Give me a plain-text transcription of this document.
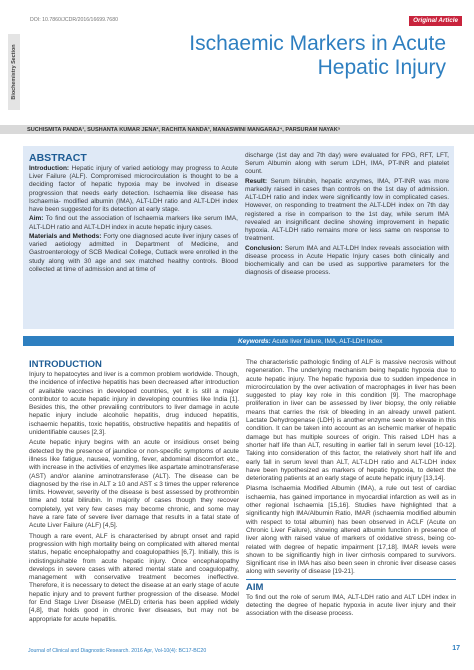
DOI: 10.7860/JCDR/2016/16699.7680	Original Article
Biochemistry Section
Ischaemic Markers in Acute Hepatic Injury
SUCHISMITA PANDA¹, SUSHANTA KUMAR JENA², RACHITA NANDA³, MANASWINI MANGARAJ⁴, PARSURAM NAYAK⁵
ABSTRACT

Introduction: Hepatic injury of varied aetiology may progress to Acute Liver Failure (ALF). Compromised microcirculation is thought to be a deciding factor of hepatic hypoxia may be involved in disease progression that needs early detection. Ischaemia like disease has Ischaemia- modified albumin (IMA), ALT-LDH ratio and ALT-LDH index have been suggested for its detection at early stage.

Aim: To find out the association of Ischaemia markers like serum IMA, ALT-LDH ratio and ALT-LDH index in acute hepatic injury cases.

Materials and Methods: Forty one diagnosed acute liver injury cases of varied aetiology admitted in Department of Medicine, and Gastroenterology of SCB Medical College, Cuttack were enrolled in the study along with 30 age and sex matched healthy controls. Blood collected at time of admission and at time of

discharge (1st day and 7th day) were evaluated for FPG, RFT, LFT, Serum Albumin along with serum LDH, IMA, PT-INR and platelet count.

Result: Serum bilirubin, hepatic enzymes, IMA, PT-INR was more markedly raised in cases than controls on the 1st day of admission. ALT-LDH ratio and index were significantly low in complicated cases. However, on responding to treatment the ALT-LDH index on 7th day registered a rise in comparison to the 1st day, while serum IMA revealed an insignificant decline showing improvement in hepatic hypoxia. ALT-LDH ratio remains more or less same on response to treatment.

Conclusion: Serum IMA and ALT-LDH Index reveals association with disease process in Acute Hepatic Injury cases both clinically and biochemically and can be used as supportive parameters for the diagnosis of disease process.

Keywords: Acute liver failure, IMA, ALT-LDH Index
INTRODUCTION

Injury to hepatocytes and liver is a common problem worldwide. Though, the incidence of infective hepatitis has been decreased after introduction of available vaccines in developed countries, yet it is still a major contributor to acute hepatic injury in developing countries like India [1]. Besides this, the other prevailing contributors to liver damage in acute hepatic injury include alcoholic hepatitis, drug induced hepatitis, ischaemic hepatitis, toxic hepatitis, obstructive hepatitis and hepatitis of unidentifiable causes [2,3].

Acute hepatic injury begins with an acute or insidious onset being detected by the presence of jaundice or non-specific symptoms of acute illness like fatigue, nausea, vomiting, fever, abdominal discomfort etc., with increase in the activities of enzymes like aspartate aminotransferase (AST) and/or alanine aminotransferase (ALT). The disease can be diagnosed by the rise in ALT ≥ 10 and AST ≤ 3 times the upper reference limits. However, severity of the disease is best assessed by prothrombin time and total bilirubin. In majority of cases though they recover completely, yet very few cases may become chronic, and some may have a rare fate of severe liver damage that results in a fatal state of Acute Liver Failure (ALF) [4,5].

Though a rare event, ALF is characterised by abrupt onset and rapid progression with high mortality being on complicated with altered mental status, hepatic encephalopathy and coagulopathies [6,7]. Initially, this is indistinguishable from acute hepatic injury. Once encephalopathy develops in severe cases with altered mental state and coagulopathy, management with conservative treatment becomes ineffective. Therefore, it is necessary to detect the disease at an early stage of acute hepatic injury and to prevent further progression of the disease. Model for End Stage Liver Disease (MELD) criteria has been applied widely [4,8], that holds good in chronic liver diseases, but may not be appropriate for acute hepatitis.

The characteristic pathologic finding of ALF is massive necrosis without regeneration. The underlying mechanism being hepatic hypoxia due to acute hepatic injury. The hepatic hypoxia due to sudden impedence in microcirculation by the over activation of macrophages in liver has been suggested to play key role in this condition [9]. The macrophage proliferation in liver can be assessed by liver biopsy, the only reliable means that carries the risk of bleeding in an already unwell patient. Lactate Dehydrogenase (LDH) is another enzyme seen to elevate in this condition. It can be taken into account as an ischemic marker of hepatic damage but has multiple sources of origin. This raised LDH has a shorter half life than ALT, resulting in earlier fall in serum level [10-12]. Taking into consideration of this factor, the relatively short half life and early fall in serum level than ALT, ALT-LDH ratio and ALT-LDH index have been hypothesized as markers of hepatic hypoxia, to detect the deteriorating patients at an early stage of acute hepatic injury [13,14].

Plasma Ischaemia Modified Albumin (IMA), a rule out test of cardiac ischaemia, has gained importance in myocardial infarction as well as in other regional Ischaemia [15,16]. Studies have highlighted that a significantly high IMA/Albumin Ratio, IMAR (ischaemia modified albumin with respect to total albumin) has been observed in ACLF (Acute on Chronic Liver Failure), showing altered albumin function in presence of liver along with raised value of markers of oxidative stress, being co-related with degree of hepatic impairment [17,18]. IMAR levels were shown to be significantly high in liver cirrhosis compared to survivors. Significant rise in IMA has also been seen in chronic liver disease cases along with severity of disease [19-21].

AIM

To find out the role of serum IMA, ALT-LDH ratio and ALT LDH index in detecting the degree of hepatic hypoxia in acute liver injury and their association with the disease process.

Journal of Clinical and Diagnostic Research. 2016 Apr, Vol-10(4): BC17-BC20	17
